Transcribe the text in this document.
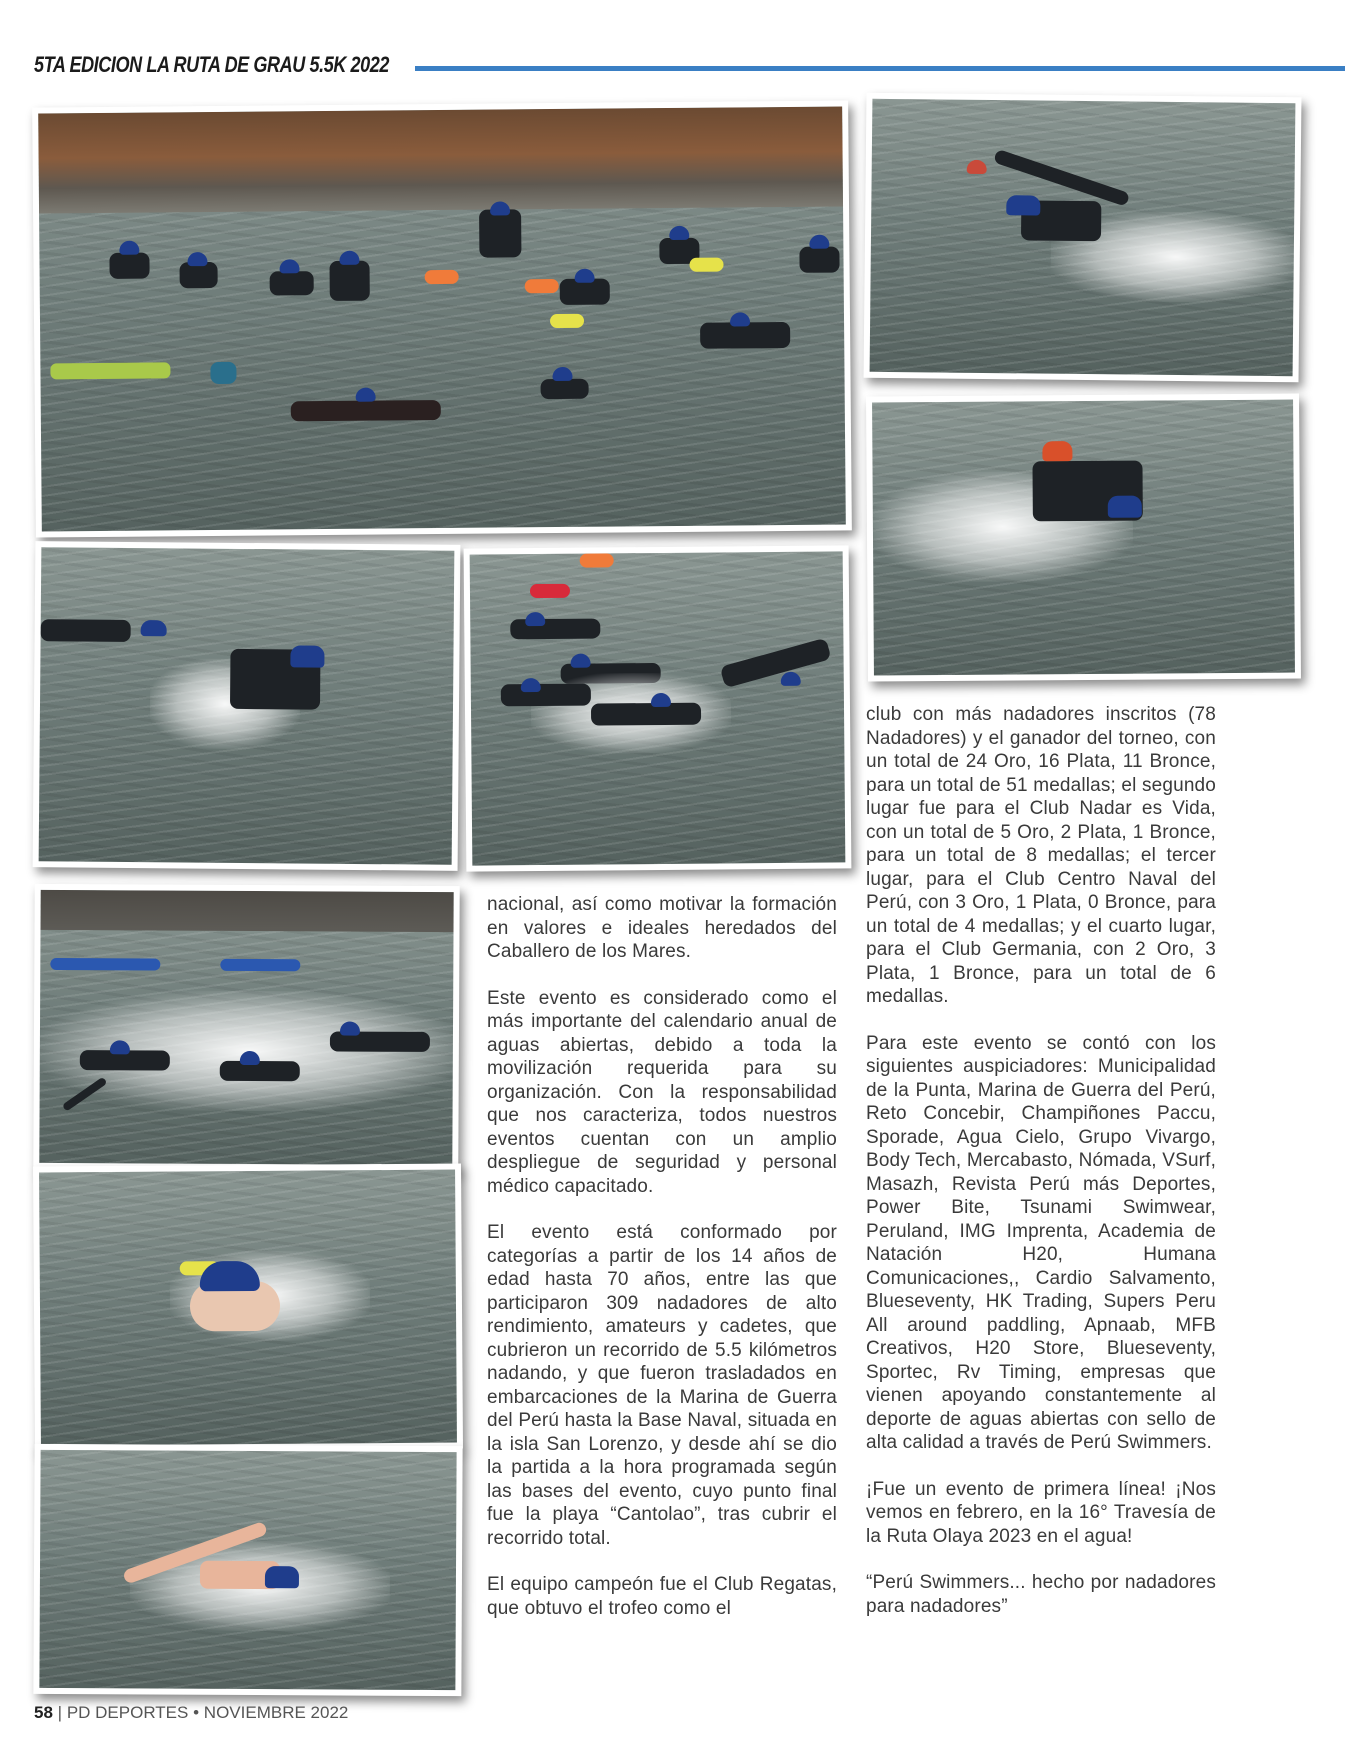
5TA EDICION LA RUTA DE GRAU 5.5K 2022

nacional, así como motivar la formación en valores e ideales heredados del Caballero de los Mares.

Este evento es considerado como el más importante del calendario anual de aguas abiertas, debido a toda la movilización requerida para su organización. Con la responsabilidad que nos caracteriza, todos nuestros eventos cuentan con un amplio despliegue de seguridad y personal médico capacitado.

El evento está conformado por categorías a partir de los 14 años de edad hasta 70 años, entre las que participaron 309 nadadores de alto rendimiento, amateurs y cadetes, que cubrieron un recorrido de 5.5 kilómetros nadando, y que fueron trasladados en embarcaciones de la Marina de Guerra del Perú hasta la Base Naval, situada en la isla San Lorenzo, y desde ahí se dio la partida a la hora programada según las bases del evento, cuyo punto final fue la playa “Cantolao”, tras cubrir el recorrido total.

El equipo campeón fue el Club Regatas, que obtuvo el trofeo como el

club con más nadadores inscritos (78 Nadadores) y el ganador del torneo, con un total de 24 Oro, 16 Plata, 11 Bronce, para un total de 51 medallas; el segundo lugar fue para el Club Nadar es Vida, con un total de 5 Oro, 2 Plata, 1 Bronce, para un total de 8 medallas; el tercer lugar, para el Club Centro Naval del Perú, con 3 Oro, 1 Plata, 0 Bronce, para un total de 4 medallas; y el cuarto lugar, para el Club Germania, con 2 Oro, 3 Plata, 1 Bronce, para un total de 6 medallas.

Para este evento se contó con los siguientes auspiciadores: Municipalidad de la Punta, Marina de Guerra del Perú, Reto Concebir, Champiñones Paccu, Sporade, Agua Cielo, Grupo Vivargo, Body Tech, Mercabasto, Nómada, VSurf, Masazh, Revista Perú más Deportes, Power Bite, Tsunami Swimwear, Peruland, IMG Imprenta, Academia de Natación H20, Humana Comunicaciones,, Cardio Salvamento, Blueseventy, HK Trading, Supers Peru All around paddling, Apnaab, MFB Creativos, H20 Store, Blueseventy, Sportec, Rv Timing, empresas que vienen apoyando constantemente al deporte de aguas abiertas con sello de alta calidad a través de Perú Swimmers.

¡Fue un evento de primera línea! ¡Nos vemos en febrero, en la 16° Travesía de la Ruta Olaya 2023 en el agua!

“Perú Swimmers... hecho por nadadores para nadadores”

58 | PD DEPORTES • NOVIEMBRE 2022
